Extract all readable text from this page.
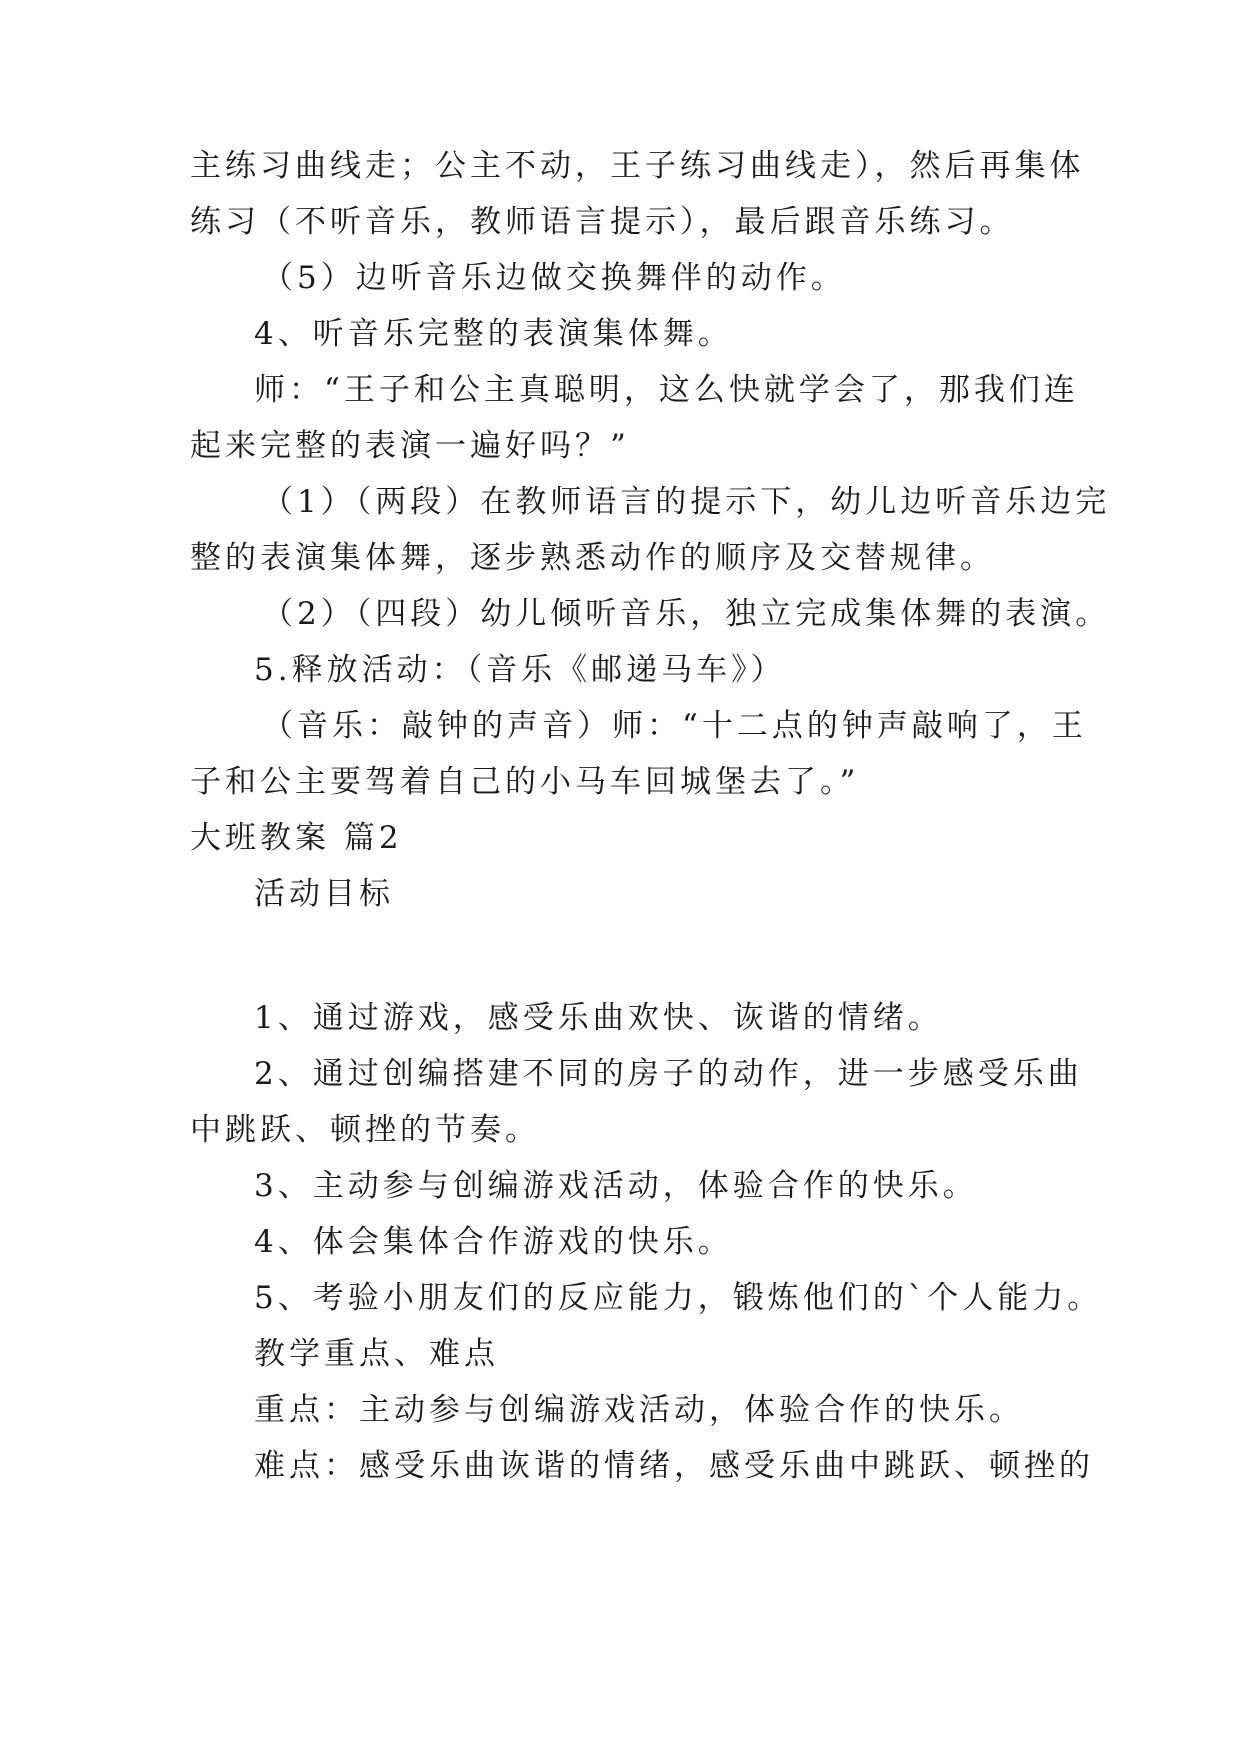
主练习曲线走；公主不动，王子练习曲线走），然后再集体
练习（不听音乐，教师语言提示），最后跟音乐练习。
（5）边听音乐边做交换舞伴的动作。
4、听音乐完整的表演集体舞。
师：“王子和公主真聪明，这么快就学会了，那我们连
起来完整的表演一遍好吗？”
（1）（两段）在教师语言的提示下，幼儿边听音乐边完
整的表演集体舞，逐步熟悉动作的顺序及交替规律。
（2）（四段）幼儿倾听音乐，独立完成集体舞的表演。
5.释放活动：（音乐《邮递马车》）
（音乐：敲钟的声音）师：“十二点的钟声敲响了，王
子和公主要驾着自己的小马车回城堡去了。”
大班教案 篇2
活动目标
1、通过游戏，感受乐曲欢快、诙谐的情绪。
2、通过创编搭建不同的房子的动作，进一步感受乐曲
中跳跃、顿挫的节奏。
3、主动参与创编游戏活动，体验合作的快乐。
4、体会集体合作游戏的快乐。
5、考验小朋友们的反应能力，锻炼他们的`个人能力。
教学重点、难点
重点：主动参与创编游戏活动，体验合作的快乐。
难点：感受乐曲诙谐的情绪，感受乐曲中跳跃、顿挫的
